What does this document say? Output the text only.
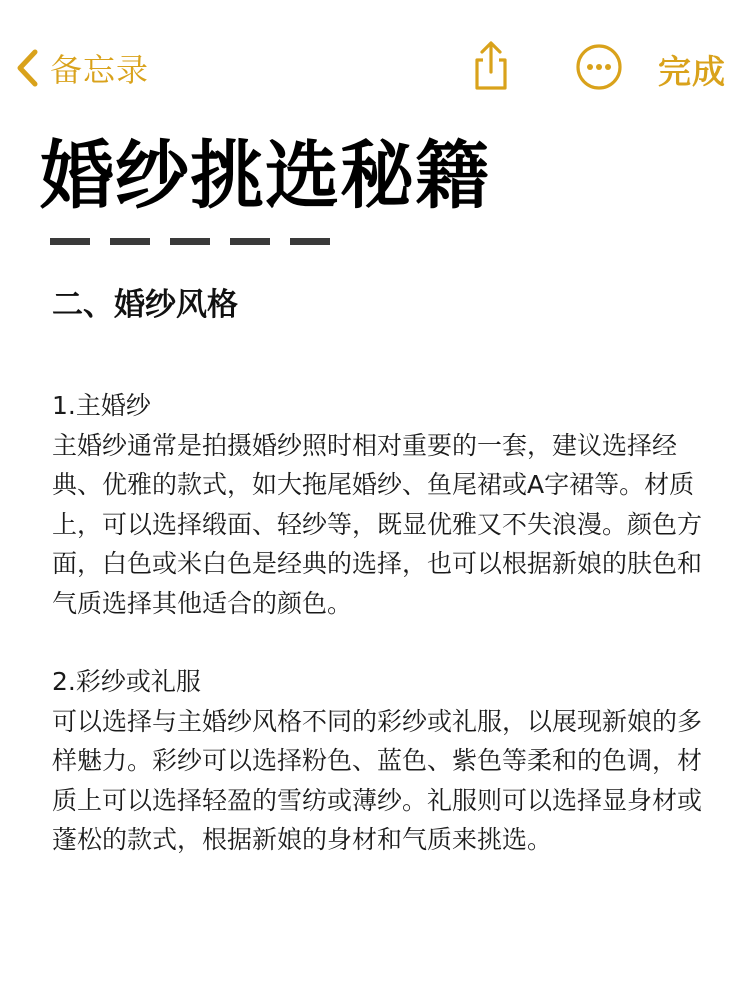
备忘录	完成
婚纱挑选秘籍
二、婚纱风格

1.主婚纱
主婚纱通常是拍摄婚纱照时相对重要的一套，建议选择经典、优雅的款式，如大拖尾婚纱、鱼尾裙或A字裙等。材质上，可以选择缎面、轻纱等，既显优雅又不失浪漫。颜色方面，白色或米白色是经典的选择，也可以根据新娘的肤色和气质选择其他适合的颜色。

2.彩纱或礼服
可以选择与主婚纱风格不同的彩纱或礼服，以展现新娘的多样魅力。彩纱可以选择粉色、蓝色、紫色等柔和的色调，材质上可以选择轻盈的雪纺或薄纱。礼服则可以选择显身材或蓬松的款式，根据新娘的身材和气质来挑选。
